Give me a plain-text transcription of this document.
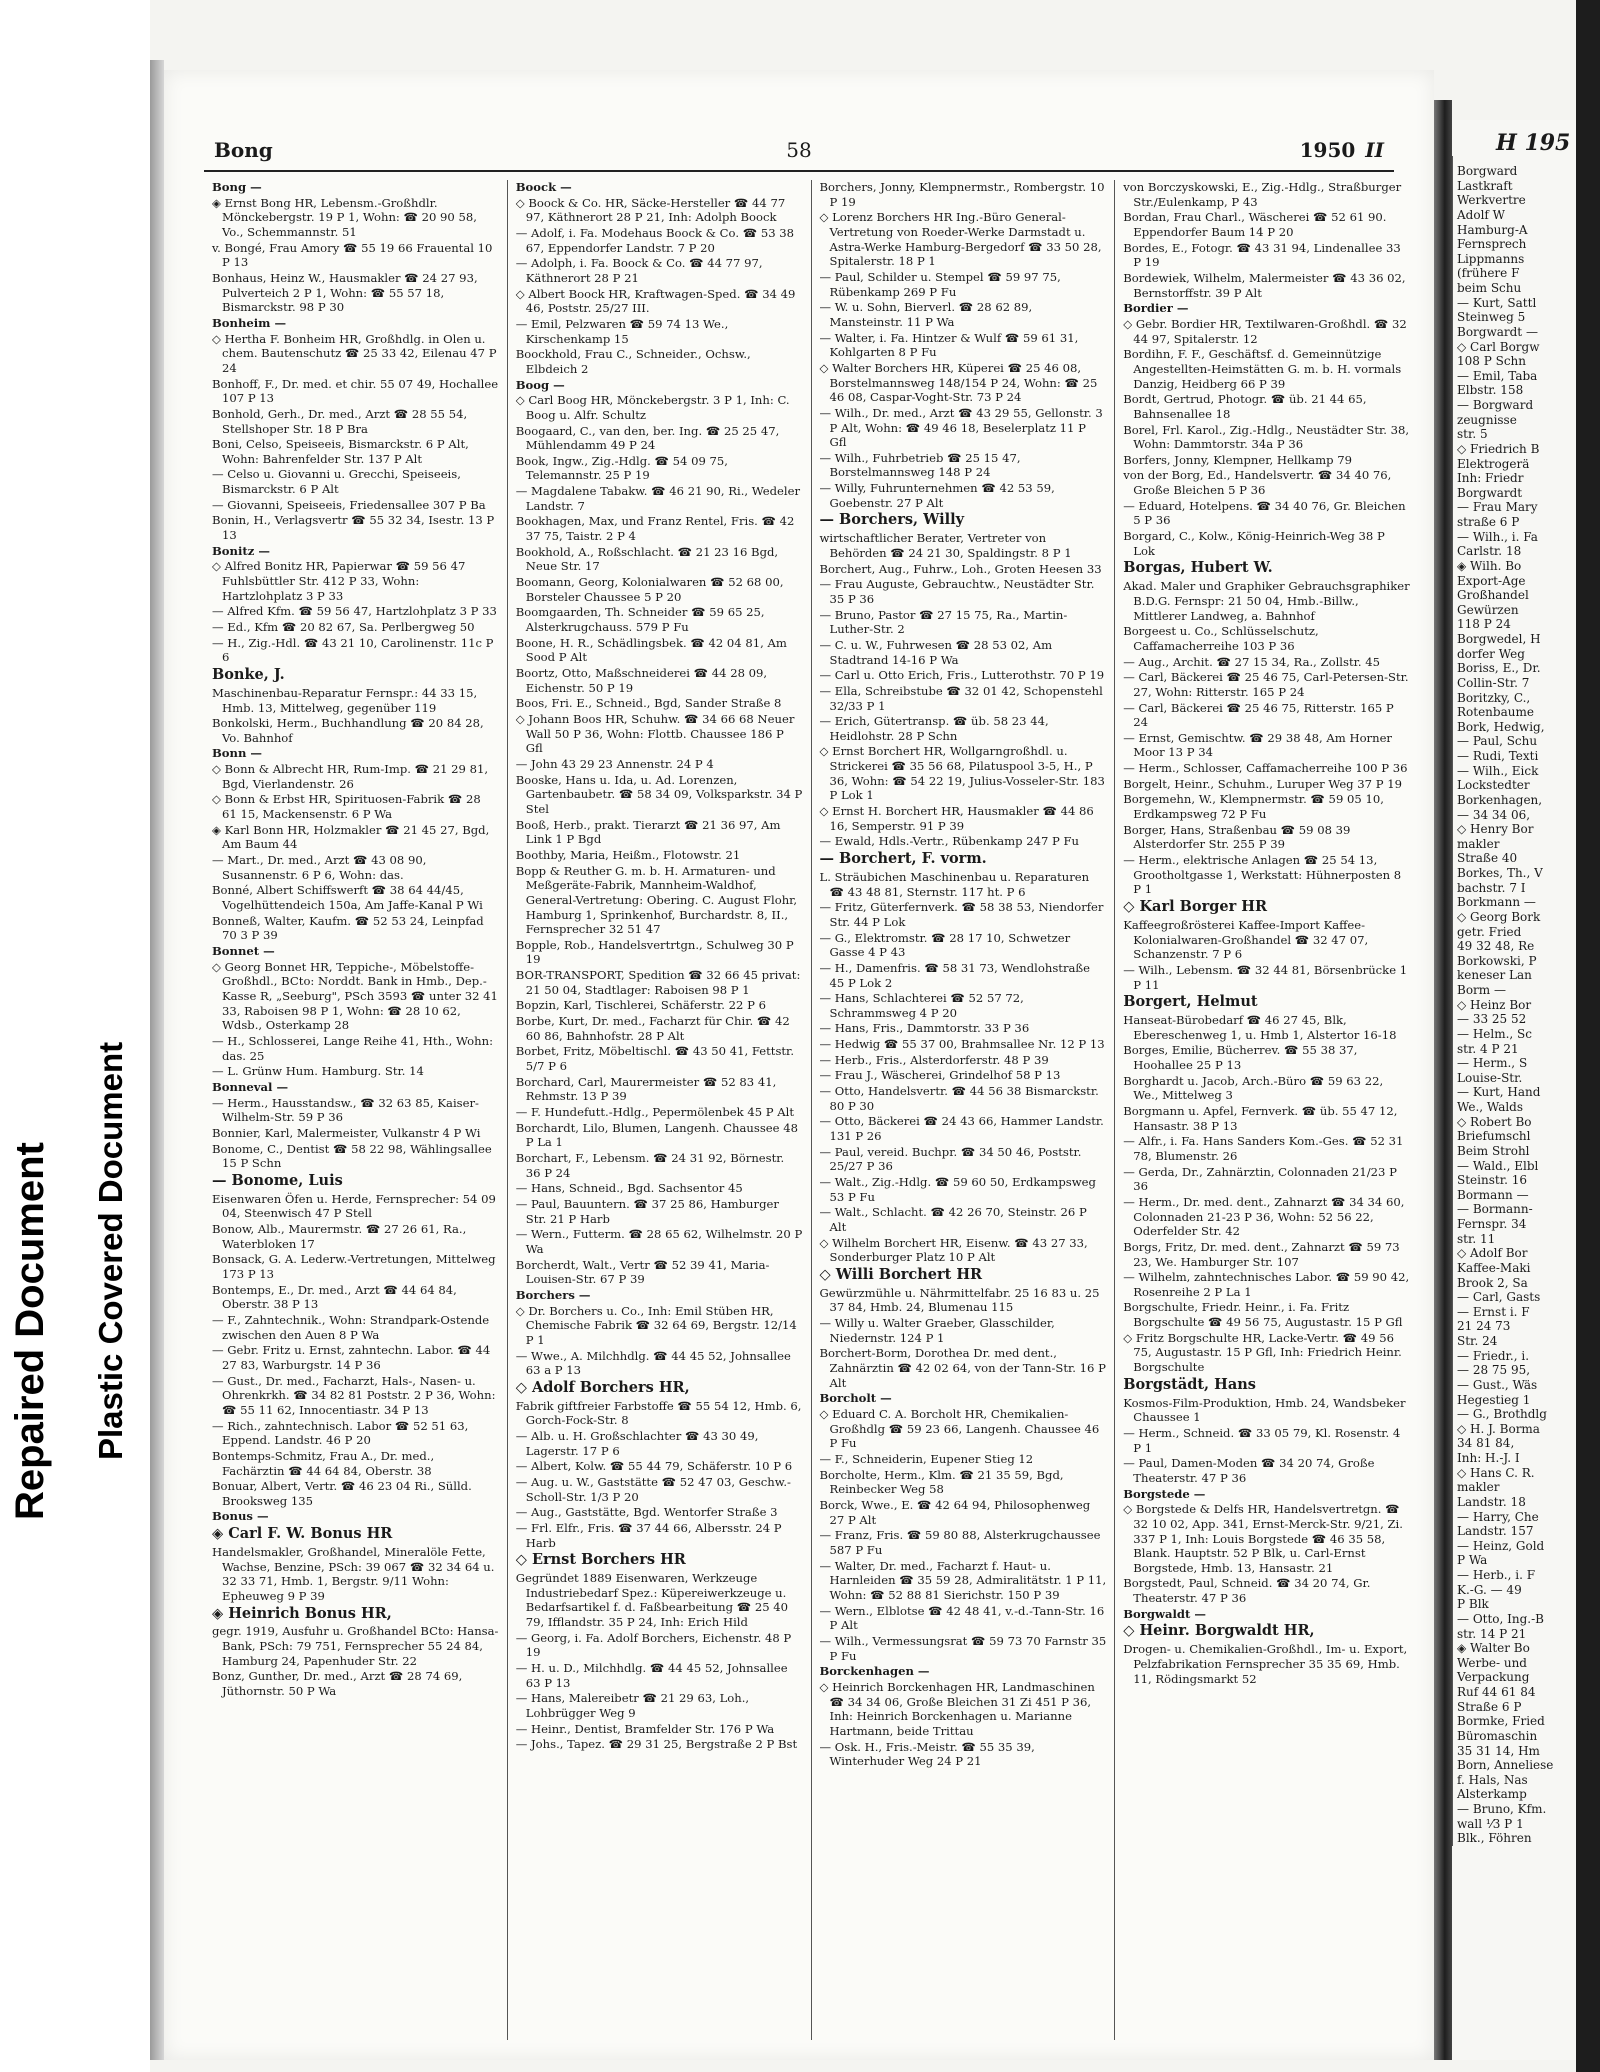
Repaired Document Plastic Covered Document
Bong	58	1950 II
Bong —
◈ Ernst Bong HR, Lebensm.-Großhdlr. Mönckebergstr. 19 P 1, Wohn: ☎ 20 90 58, Vo., Schemmannstr. 51
v. Bongé, Frau Amory ☎ 55 19 66 Frauental 10 P 13
Bonhaus, Heinz W., Hausmakler ☎ 24 27 93, Pulverteich 2 P 1, Wohn: ☎ 55 57 18, Bismarckstr. 98 P 30
Bonheim —
◇ Hertha F. Bonheim HR, Großhdlg. in Olen u. chem. Bautenschutz ☎ 25 33 42, Eilenau 47 P 24
Bonhoff, F., Dr. med. et chir. 55 07 49, Hochallee 107 P 13
Bonhold, Gerh., Dr. med., Arzt ☎ 28 55 54, Stellshoper Str. 18 P Bra
Boni, Celso, Speiseeis, Bismarckstr. 6 P Alt, Wohn: Bahrenfelder Str. 137 P Alt
— Celso u. Giovanni u. Grecchi, Speiseeis, Bismarckstr. 6 P Alt
— Giovanni, Speiseeis, Friedensallee 307 P Ba
Bonin, H., Verlagsvertr ☎ 55 32 34, Isestr. 13 P 13
Bonitz —
◇ Alfred Bonitz HR, Papierwar ☎ 59 56 47 Fuhlsbüttler Str. 412 P 33, Wohn: Hartzlohplatz 3 P 33
— Alfred Kfm. ☎ 59 56 47, Hartzlohplatz 3 P 33
— Ed., Kfm ☎ 20 82 67, Sa. Perlbergweg 50
— H., Zig.-Hdl. ☎ 43 21 10, Carolinenstr. 11c P 6
Bonke, J.
Maschinenbau-Reparatur Fernspr.: 44 33 15, Hmb. 13, Mittelweg, gegenüber 119
Bonkolski, Herm., Buchhandlung ☎ 20 84 28, Vo. Bahnhof
Bonn —
◇ Bonn & Albrecht HR, Rum-Imp. ☎ 21 29 81, Bgd, Vierlandenstr. 26
◇ Bonn & Erbst HR, Spirituosen-Fabrik ☎ 28 61 15, Mackensenstr. 6 P Wa
◈ Karl Bonn HR, Holzmakler ☎ 21 45 27, Bgd, Am Baum 44
— Mart., Dr. med., Arzt ☎ 43 08 90, Susannenstr. 6 P 6, Wohn: das.
Bonné, Albert Schiffswerft ☎ 38 64 44/45, Vogelhüttendeich 150a, Am Jaffe-Kanal P Wi
Bonneß, Walter, Kaufm. ☎ 52 53 24, Leinpfad 70 3 P 39
Bonnet —
◇ Georg Bonnet HR, Teppiche-, Möbelstoffe-Großhdl., BCto: Norddt. Bank in Hmb., Dep.-Kasse R, „Seeburg", PSch 3593 ☎ unter 32 41 33, Raboisen 98 P 1, Wohn: ☎ 28 10 62, Wdsb., Osterkamp 28
— H., Schlosserei, Lange Reihe 41, Hth., Wohn: das. 25
— L. Grünw Hum. Hamburg. Str. 14
Bonneval —
— Herm., Hausstandsw., ☎ 32 63 85, Kaiser-Wilhelm-Str. 59 P 36
Bonnier, Karl, Malermeister, Vulkanstr 4 P Wi
Bonome, C., Dentist ☎ 58 22 98, Wählingsallee 15 P Schn
— Bonome, Luis
Eisenwaren Öfen u. Herde, Fernsprecher: 54 09 04, Steenwisch 47 P Stell
Bonow, Alb., Maurermstr. ☎ 27 26 61, Ra., Waterbloken 17
Bonsack, G. A. Lederw.-Vertretungen, Mittelweg 173 P 13
Bontemps, E., Dr. med., Arzt ☎ 44 64 84, Oberstr. 38 P 13
— F., Zahntechnik., Wohn: Strandpark-Ostende zwischen den Auen 8 P Wa
— Gebr. Fritz u. Ernst, zahntechn. Labor. ☎ 44 27 83, Warburgstr. 14 P 36
— Gust., Dr. med., Facharzt, Hals-, Nasen- u. Ohrenkrkh. ☎ 34 82 81 Poststr. 2 P 36, Wohn: ☎ 55 11 62, Innocentiastr. 34 P 13
— Rich., zahntechnisch. Labor ☎ 52 51 63, Eppend. Landstr. 46 P 20
Bontemps-Schmitz, Frau A., Dr. med., Fachärztin ☎ 44 64 84, Oberstr. 38
Bonuar, Albert, Vertr. ☎ 46 23 04 Ri., Sülld. Brooksweg 135
Bonus —
◈ Carl F. W. Bonus HR
Handelsmakler, Großhandel, Mineralöle Fette, Wachse, Benzine, PSch: 39 067 ☎ 32 34 64 u. 32 33 71, Hmb. 1, Bergstr. 9/11 Wohn: Epheuweg 9 P 39
◈ Heinrich Bonus HR,
gegr. 1919, Ausfuhr u. Großhandel BCto: Hansa-Bank, PSch: 79 751, Fernsprecher 55 24 84, Hamburg 24, Papenhuder Str. 22
Bonz, Gunther, Dr. med., Arzt ☎ 28 74 69, Jüthornstr. 50 P Wa
Boock —
◇ Boock & Co. HR, Säcke-Hersteller ☎ 44 77 97, Käthnerort 28 P 21, Inh: Adolph Boock
— Adolf, i. Fa. Modehaus Boock & Co. ☎ 53 38 67, Eppendorfer Landstr. 7 P 20
— Adolph, i. Fa. Boock & Co. ☎ 44 77 97, Käthnerort 28 P 21
◇ Albert Boock HR, Kraftwagen-Sped. ☎ 34 49 46, Poststr. 25/27 III.
— Emil, Pelzwaren ☎ 59 74 13 We., Kirschenkamp 15
Boockhold, Frau C., Schneider., Ochsw., Elbdeich 2
Boog —
◇ Carl Boog HR, Mönckebergstr. 3 P 1, Inh: C. Boog u. Alfr. Schultz
Boogaard, C., van den, ber. Ing. ☎ 25 25 47, Mühlendamm 49 P 24
Book, Ingw., Zig.-Hdlg. ☎ 54 09 75, Telemannstr. 25 P 19
— Magdalene Tabakw. ☎ 46 21 90, Ri., Wedeler Landstr. 7
Bookhagen, Max, und Franz Rentel, Fris. ☎ 42 37 75, Taistr. 2 P 4
Bookhold, A., Roßschlacht. ☎ 21 23 16 Bgd, Neue Str. 17
Boomann, Georg, Kolonialwaren ☎ 52 68 00, Borsteler Chaussee 5 P 20
Boomgaarden, Th. Schneider ☎ 59 65 25, Alsterkrugchauss. 579 P Fu
Boone, H. R., Schädlingsbek. ☎ 42 04 81, Am Sood P Alt
Boortz, Otto, Maßschneiderei ☎ 44 28 09, Eichenstr. 50 P 19
Boos, Fri. E., Schneid., Bgd, Sander Straße 8
◇ Johann Boos HR, Schuhw. ☎ 34 66 68 Neuer Wall 50 P 36, Wohn: Flottb. Chaussee 186 P Gfl
— John 43 29 23 Annenstr. 24 P 4
Booske, Hans u. Ida, u. Ad. Lorenzen, Gartenbaubetr. ☎ 58 34 09, Volksparkstr. 34 P Stel
Booß, Herb., prakt. Tierarzt ☎ 21 36 97, Am Link 1 P Bgd
Boothby, Maria, Heißm., Flotowstr. 21
Bopp & Reuther G. m. b. H. Armaturen- und Meßgeräte-Fabrik, Mannheim-Waldhof, General-Vertretung: Obering. C. August Flohr, Hamburg 1, Sprinkenhof, Burchardstr. 8, II., Fernsprecher 32 51 47
Bopple, Rob., Handelsvertrtgn., Schulweg 30 P 19
BOR-TRANSPORT, Spedition ☎ 32 66 45 privat: 21 50 04, Stadtlager: Raboisen 98 P 1
Bopzin, Karl, Tischlerei, Schäferstr. 22 P 6
Borbe, Kurt, Dr. med., Facharzt für Chir. ☎ 42 60 86, Bahnhofstr. 28 P Alt
Borbet, Fritz, Möbeltischl. ☎ 43 50 41, Fettstr. 5/7 P 6
Borchard, Carl, Maurermeister ☎ 52 83 41, Rehmstr. 13 P 39
— F. Hundefutt.-Hdlg., Pepermölenbek 45 P Alt
Borchardt, Lilo, Blumen, Langenh. Chaussee 48 P La 1
Borchart, F., Lebensm. ☎ 24 31 92, Börnestr. 36 P 24
— Hans, Schneid., Bgd. Sachsentor 45
— Paul, Bauuntern. ☎ 37 25 86, Hamburger Str. 21 P Harb
— Wern., Futterm. ☎ 28 65 62, Wilhelmstr. 20 P Wa
Borcherdt, Walt., Vertr ☎ 52 39 41, Maria-Louisen-Str. 67 P 39
Borchers —
◇ Dr. Borchers u. Co., Inh: Emil Stüben HR, Chemische Fabrik ☎ 32 64 69, Bergstr. 12/14 P 1
— Wwe., A. Milchhdlg. ☎ 44 45 52, Johnsallee 63 a P 13
◇ Adolf Borchers HR,
Fabrik giftfreier Farbstoffe ☎ 55 54 12, Hmb. 6, Gorch-Fock-Str. 8
— Alb. u. H. Großschlachter ☎ 43 30 49, Lagerstr. 17 P 6
— Albert, Kolw. ☎ 55 44 79, Schäferstr. 10 P 6
— Aug. u. W., Gaststätte ☎ 52 47 03, Geschw.-Scholl-Str. 1/3 P 20
— Aug., Gaststätte, Bgd. Wentorfer Straße 3
— Frl. Elfr., Fris. ☎ 37 44 66, Albersstr. 24 P Harb
◇ Ernst Borchers HR
Gegründet 1889 Eisenwaren, Werkzeuge Industriebedarf Spez.: Küpereiwerkzeuge u. Bedarfsartikel f. d. Faßbearbeitung ☎ 25 40 79, Ifflandstr. 35 P 24, Inh: Erich Hild
— Georg, i. Fa. Adolf Borchers, Eichenstr. 48 P 19
— H. u. D., Milchhdlg. ☎ 44 45 52, Johnsallee 63 P 13
— Hans, Malereibetr ☎ 21 29 63, Loh., Lohbrügger Weg 9
— Heinr., Dentist, Bramfelder Str. 176 P Wa
— Johs., Tapez. ☎ 29 31 25, Bergstraße 2 P Bst
Borchers, Jonny, Klempnermstr., Rombergstr. 10 P 19
◇ Lorenz Borchers HR Ing.-Büro General-Vertretung von Roeder-Werke Darmstadt u. Astra-Werke Hamburg-Bergedorf ☎ 33 50 28, Spitalerstr. 18 P 1
— Paul, Schilder u. Stempel ☎ 59 97 75, Rübenkamp 269 P Fu
— W. u. Sohn, Bierverl. ☎ 28 62 89, Mansteinstr. 11 P Wa
— Walter, i. Fa. Hintzer & Wulf ☎ 59 61 31, Kohlgarten 8 P Fu
◇ Walter Borchers HR, Küperei ☎ 25 46 08, Borstelmannsweg 148/154 P 24, Wohn: ☎ 25 46 08, Caspar-Voght-Str. 73 P 24
— Wilh., Dr. med., Arzt ☎ 43 29 55, Gellonstr. 3 P Alt, Wohn: ☎ 49 46 18, Beselerplatz 11 P Gfl
— Wilh., Fuhrbetrieb ☎ 25 15 47, Borstelmannsweg 148 P 24
— Willy, Fuhrunternehmen ☎ 42 53 59, Goebenstr. 27 P Alt
— Borchers, Willy
wirtschaftlicher Berater, Vertreter von Behörden ☎ 24 21 30, Spaldingstr. 8 P 1
Borchert, Aug., Fuhrw., Loh., Groten Heesen 33
— Frau Auguste, Gebrauchtw., Neustädter Str. 35 P 36
— Bruno, Pastor ☎ 27 15 75, Ra., Martin-Luther-Str. 2
— C. u. W., Fuhrwesen ☎ 28 53 02, Am Stadtrand 14-16 P Wa
— Carl u. Otto Erich, Fris., Lutterothstr. 70 P 19
— Ella, Schreibstube ☎ 32 01 42, Schopenstehl 32/33 P 1
— Erich, Gütertransp. ☎ üb. 58 23 44, Heidlohstr. 28 P Schn
◇ Ernst Borchert HR, Wollgarngroßhdl. u. Strickerei ☎ 35 56 68, Pilatuspool 3-5, H., P 36, Wohn: ☎ 54 22 19, Julius-Vosseler-Str. 183 P Lok 1
◇ Ernst H. Borchert HR, Hausmakler ☎ 44 86 16, Semperstr. 91 P 39
— Ewald, Hdls.-Vertr., Rübenkamp 247 P Fu
— Borchert, F. vorm.
L. Sträubichen Maschinenbau u. Reparaturen ☎ 43 48 81, Sternstr. 117 ht. P 6
— Fritz, Güterfernverk. ☎ 58 38 53, Niendorfer Str. 44 P Lok
— G., Elektromstr. ☎ 28 17 10, Schwetzer Gasse 4 P 43
— H., Damenfris. ☎ 58 31 73, Wendlohstraße 45 P Lok 2
— Hans, Schlachterei ☎ 52 57 72, Schrammsweg 4 P 20
— Hans, Fris., Dammtorstr. 33 P 36
— Hedwig ☎ 55 37 00, Brahmsallee Nr. 12 P 13
— Herb., Fris., Alsterdorferstr. 48 P 39
— Frau J., Wäscherei, Grindelhof 58 P 13
— Otto, Handelsvertr. ☎ 44 56 38 Bismarckstr. 80 P 30
— Otto, Bäckerei ☎ 24 43 66, Hammer Landstr. 131 P 26
— Paul, vereid. Buchpr. ☎ 34 50 46, Poststr. 25/27 P 36
— Walt., Zig.-Hdlg. ☎ 59 60 50, Erdkampsweg 53 P Fu
— Walt., Schlacht. ☎ 42 26 70, Steinstr. 26 P Alt
◇ Wilhelm Borchert HR, Eisenw. ☎ 43 27 33, Sonderburger Platz 10 P Alt
◇ Willi Borchert HR
Gewürzmühle u. Nährmittelfabr. 25 16 83 u. 25 37 84, Hmb. 24, Blumenau 115
— Willy u. Walter Graeber, Glasschilder, Niedernstr. 124 P 1
Borchert-Borm, Dorothea Dr. med dent., Zahnärztin ☎ 42 02 64, von der Tann-Str. 16 P Alt
Borcholt —
◇ Eduard C. A. Borcholt HR, Chemikalien-Großhdlg ☎ 59 23 66, Langenh. Chaussee 46 P Fu
— F., Schneiderin, Eupener Stieg 12
Borcholte, Herm., Klm. ☎ 21 35 59, Bgd, Reinbecker Weg 58
Borck, Wwe., E. ☎ 42 64 94, Philosophenweg 27 P Alt
— Franz, Fris. ☎ 59 80 88, Alsterkrugchaussee 587 P Fu
— Walter, Dr. med., Facharzt f. Haut- u. Harnleiden ☎ 35 59 28, Admiralitätstr. 1 P 11, Wohn: ☎ 52 88 81 Sierichstr. 150 P 39
— Wern., Elblotse ☎ 42 48 41, v.-d.-Tann-Str. 16 P Alt
— Wilh., Vermessungsrat ☎ 59 73 70 Farnstr 35 P Fu
Borckenhagen —
◇ Heinrich Borckenhagen HR, Landmaschinen ☎ 34 34 06, Große Bleichen 31 Zi 451 P 36, Inh: Heinrich Borckenhagen u. Marianne Hartmann, beide Trittau
— Osk. H., Fris.-Meistr. ☎ 55 35 39, Winterhuder Weg 24 P 21
von Borczyskowski, E., Zig.-Hdlg., Straßburger Str./Eulenkamp, P 43
Bordan, Frau Charl., Wäscherei ☎ 52 61 90. Eppendorfer Baum 14 P 20
Bordes, E., Fotogr. ☎ 43 31 94, Lindenallee 33 P 19
Bordewiek, Wilhelm, Malermeister ☎ 43 36 02, Bernstorffstr. 39 P Alt
Bordier —
◇ Gebr. Bordier HR, Textilwaren-Großhdl. ☎ 32 44 97, Spitalerstr. 12
Bordihn, F. F., Geschäftsf. d. Gemeinnützige Angestellten-Heimstätten G. m. b. H. vormals Danzig, Heidberg 66 P 39
Bordt, Gertrud, Photogr. ☎ üb. 21 44 65, Bahnsenallee 18
Borel, Frl. Karol., Zig.-Hdlg., Neustädter Str. 38, Wohn: Dammtorstr. 34a P 36
Borfers, Jonny, Klempner, Hellkamp 79
von der Borg, Ed., Handelsvertr. ☎ 34 40 76, Große Bleichen 5 P 36
— Eduard, Hotelpens. ☎ 34 40 76, Gr. Bleichen 5 P 36
Borgard, C., Kolw., König-Heinrich-Weg 38 P Lok
Borgas, Hubert W.
Akad. Maler und Graphiker Gebrauchsgraphiker B.D.G. Fernspr: 21 50 04, Hmb.-Billw., Mittlerer Landweg, a. Bahnhof
Borgeest u. Co., Schlüsselschutz, Caffamacherreihe 103 P 36
— Aug., Archit. ☎ 27 15 34, Ra., Zollstr. 45
— Carl, Bäckerei ☎ 25 46 75, Carl-Petersen-Str. 27, Wohn: Ritterstr. 165 P 24
— Carl, Bäckerei ☎ 25 46 75, Ritterstr. 165 P 24
— Ernst, Gemischtw. ☎ 29 38 48, Am Horner Moor 13 P 34
— Herm., Schlosser, Caffamacherreihe 100 P 36
Borgelt, Heinr., Schuhm., Luruper Weg 37 P 19
Borgemehn, W., Klempnermstr. ☎ 59 05 10, Erdkampsweg 72 P Fu
Borger, Hans, Straßenbau ☎ 59 08 39 Alsterdorfer Str. 255 P 39
— Herm., elektrische Anlagen ☎ 25 54 13, Grootholtgasse 1, Werkstatt: Hühnerposten 8 P 1
◇ Karl Borger HR
Kaffeegroßrösterei Kaffee-Import Kaffee- Kolonialwaren-Großhandel ☎ 32 47 07, Schanzenstr. 7 P 6
— Wilh., Lebensm. ☎ 32 44 81, Börsenbrücke 1 P 11
Borgert, Helmut
Hanseat-Bürobedarf ☎ 46 27 45, Blk, Ebereschenweg 1, u. Hmb 1, Alstertor 16-18
Borges, Emilie, Bücherrev. ☎ 55 38 37, Hoohallee 25 P 13
Borghardt u. Jacob, Arch.-Büro ☎ 59 63 22, We., Mittelweg 3
Borgmann u. Apfel, Fernverk. ☎ üb. 55 47 12, Hansastr. 38 P 13
— Alfr., i. Fa. Hans Sanders Kom.-Ges. ☎ 52 31 78, Blumenstr. 26
— Gerda, Dr., Zahnärztin, Colonnaden 21/23 P 36
— Herm., Dr. med. dent., Zahnarzt ☎ 34 34 60, Colonnaden 21-23 P 36, Wohn: 52 56 22, Oderfelder Str. 42
Borgs, Fritz, Dr. med. dent., Zahnarzt ☎ 59 73 23, We. Hamburger Str. 107
— Wilhelm, zahntechnisches Labor. ☎ 59 90 42, Rosenreihe 2 P La 1
Borgschulte, Friedr. Heinr., i. Fa. Fritz Borgschulte ☎ 49 56 75, Augustastr. 15 P Gfl
◇ Fritz Borgschulte HR, Lacke-Vertr. ☎ 49 56 75, Augustastr. 15 P Gfl, Inh: Friedrich Heinr. Borgschulte
Borgstädt, Hans
Kosmos-Film-Produktion, Hmb. 24, Wandsbeker Chaussee 1
— Herm., Schneid. ☎ 33 05 79, Kl. Rosenstr. 4 P 1
— Paul, Damen-Moden ☎ 34 20 74, Große Theaterstr. 47 P 36
Borgstede —
◇ Borgstede & Delfs HR, Handelsvertretgn. ☎ 32 10 02, App. 341, Ernst-Merck-Str. 9/21, Zi. 337 P 1, Inh: Louis Borgstede ☎ 46 35 58, Blank. Hauptstr. 52 P Blk, u. Carl-Ernst Borgstede, Hmb. 13, Hansastr. 21
Borgstedt, Paul, Schneid. ☎ 34 20 74, Gr. Theaterstr. 47 P 36
Borgwaldt —
◇ Heinr. Borgwaldt HR,
Drogen- u. Chemikalien-Großhdl., Im- u. Export, Pelzfabrikation Fernsprecher 35 35 69, Hmb. 11, Rödingsmarkt 52
H 195
Borgward
Lastkraft
Werkvertre
Adolf W
Hamburg-A
Fernsprech
Lippmanns
(frühere F
beim Schu
— Kurt, Sattl
Steinweg 5
Borgwardt —
◇ Carl Borgw
108 P Schn
— Emil, Taba
Elbstr. 158
— Borgward
zeugnisse
str. 5
◇ Friedrich B
Elektrogerä
Inh: Friedr
Borgwardt
— Frau Mary
straße 6 P
— Wilh., i. Fa
Carlstr. 18
◈ Wilh. Bo
Export-Age
Großhandel
Gewürzen
118 P 24
Borgwedel, H
dorfer Weg
Boriss, E., Dr.
Collin-Str. 7
Boritzky, C.,
Rotenbaume
Bork, Hedwig,
— Paul, Schu
— Rudi, Texti
— Wilh., Eick
Lockstedter
Borkenhagen,
— 34 34 06,
◇ Henry Bor
makler
Straße 40
Borkes, Th., V
bachstr. 7 I
Borkmann —
◇ Georg Bork
getr. Fried
49 32 48, Re
Borkowski, P
keneser Lan
Borm —
◇ Heinz Bor
— 33 25 52
— Helm., Sc
str. 4 P 21
— Herm., S
Louise-Str.
— Kurt, Hand
We., Walds
◇ Robert Bo
Briefumschl
Beim Strohl
— Wald., Elbl
Steinstr. 16
Bormann —
— Bormann-
Fernspr. 34
str. 11
◇ Adolf Bor
Kaffee-Maki
Brook 2, Sa
— Carl, Gasts
— Ernst i. F
21 24 73
Str. 24
— Friedr., i.
— 28 75 95,
— Gust., Wäs
Hegestieg 1
— G., Brothdlg
◇ H. J. Borma
34 81 84,
Inh: H.-J. I
◇ Hans C. R.
makler
Landstr. 18
— Harry, Che
Landstr. 157
— Heinz, Gold
P Wa
— Herb., i. F
K.-G. — 49
P Blk
— Otto, Ing.-B
str. 14 P 21
◈ Walter Bo
Werbe- und
Verpackung
Ruf 44 61 84
Straße 6 P
Bormke, Fried
Büromaschin
35 31 14, Hm
Born, Anneliese
f. Hals, Nas
Alsterkamp
— Bruno, Kfm.
wall ⅟3 P 1
Blk., Föhren
